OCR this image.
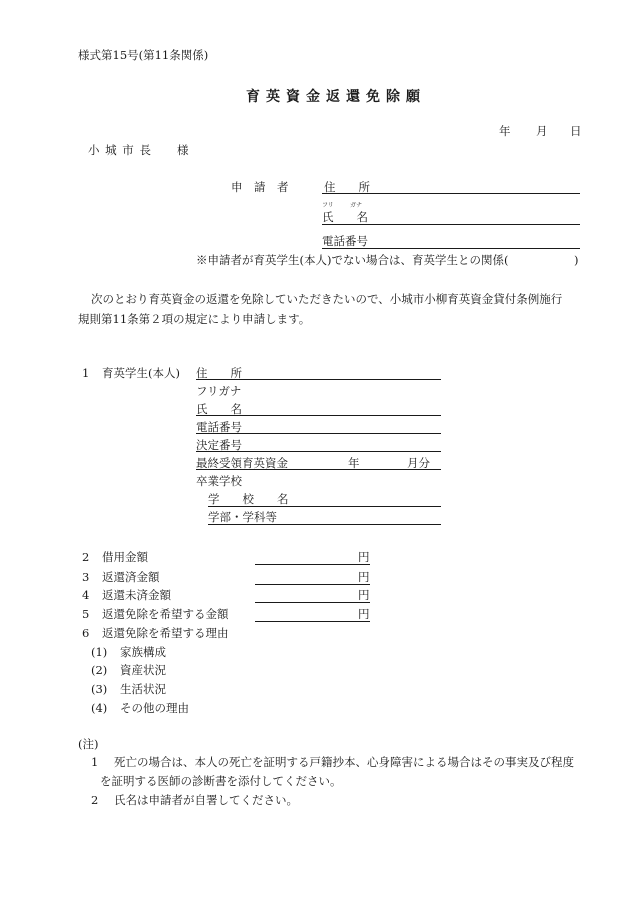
様式第15号(第11条関係)
育英資金返還免除願
年 月 日
小 城 市 長　　様
申　請　者	住　　所
フリ	ガナ
氏　　名
電話番号
※申請者が育英学生(本人)でない場合は、育英学生との関係(	)
次のとおり育英資金の返還を免除していただきたいので、小城市小柳育英資金貸付条例施行
規則第11条第２項の規定により申請します。
1 育英学生(本人) 住　　所
フリガナ
氏　　名
電話番号
決定番号
最終受領育英資金	年	月分
卒業学校
学　　校　　名
学部・学科等
2 借用金額	円
3 返還済金額	円
4 返還未済金額	円
5 返還免除を希望する金額	円
6 返還免除を希望する理由
(1) 家族構成
(2) 資産状況
(3) 生活状況
(4) その他の理由
(注)
1 死亡の場合は、本人の死亡を証明する戸籍抄本、心身障害による場合はその事実及び程度
を証明する医師の診断書を添付してください。
2 氏名は申請者が自署してください。
